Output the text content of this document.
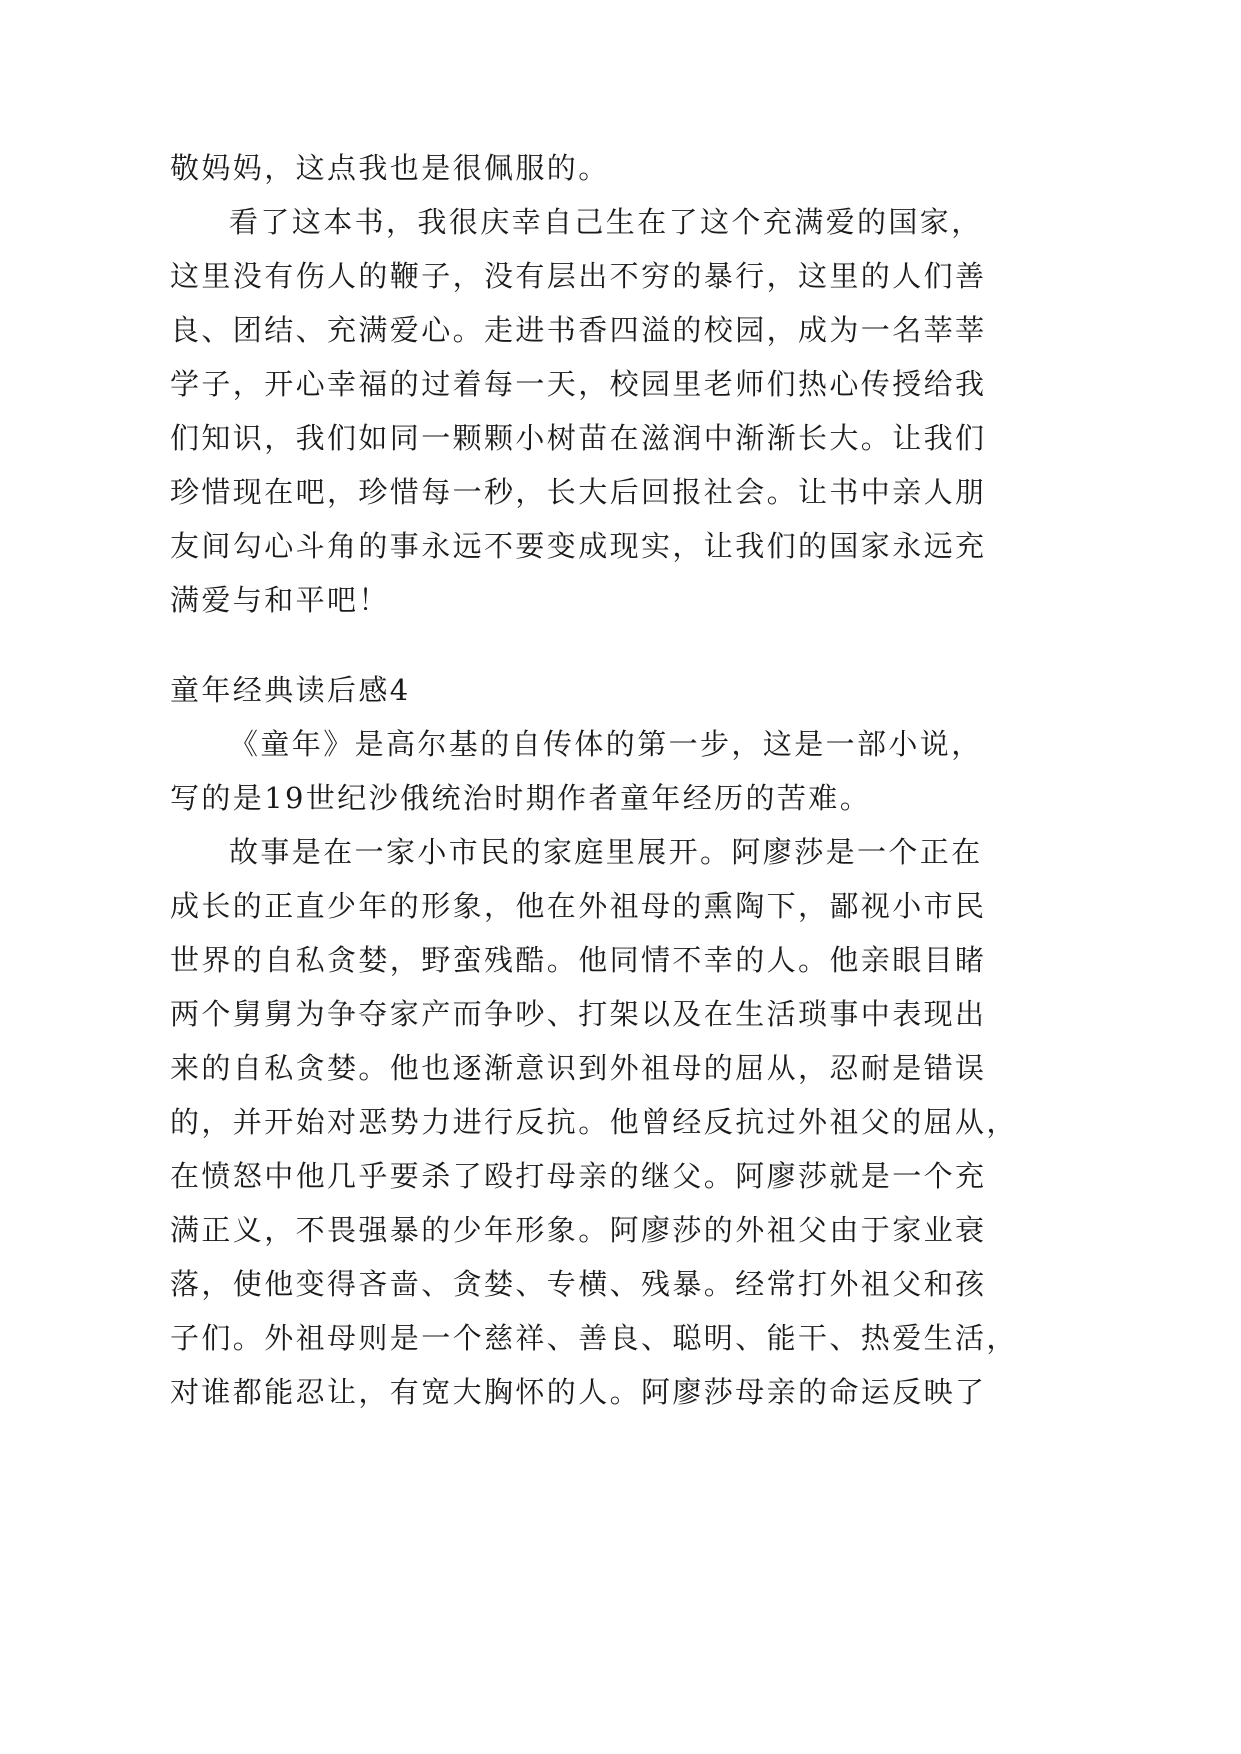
敬妈妈，这点我也是很佩服的。

看了这本书，我很庆幸自己生在了这个充满爱的国家，

这里没有伤人的鞭子，没有层出不穷的暴行，这里的人们善

良、团结、充满爱心。走进书香四溢的校园，成为一名莘莘

学子，开心幸福的过着每一天，校园里老师们热心传授给我

们知识，我们如同一颗颗小树苗在滋润中渐渐长大。让我们

珍惜现在吧，珍惜每一秒，长大后回报社会。让书中亲人朋

友间勾心斗角的事永远不要变成现实，让我们的国家永远充

满爱与和平吧！

童年经典读后感4

《童年》是高尔基的自传体的第一步，这是一部小说，

写的是19世纪沙俄统治时期作者童年经历的苦难。

故事是在一家小市民的家庭里展开。阿廖莎是一个正在

成长的正直少年的形象，他在外祖母的熏陶下，鄙视小市民

世界的自私贪婪，野蛮残酷。他同情不幸的人。他亲眼目睹

两个舅舅为争夺家产而争吵、打架以及在生活琐事中表现出

来的自私贪婪。他也逐渐意识到外祖母的屈从，忍耐是错误

的，并开始对恶势力进行反抗。他曾经反抗过外祖父的屈从，

在愤怒中他几乎要杀了殴打母亲的继父。阿廖莎就是一个充

满正义，不畏强暴的少年形象。阿廖莎的外祖父由于家业衰

落，使他变得吝啬、贪婪、专横、残暴。经常打外祖父和孩

子们。外祖母则是一个慈祥、善良、聪明、能干、热爱生活，

对谁都能忍让，有宽大胸怀的人。阿廖莎母亲的命运反映了
